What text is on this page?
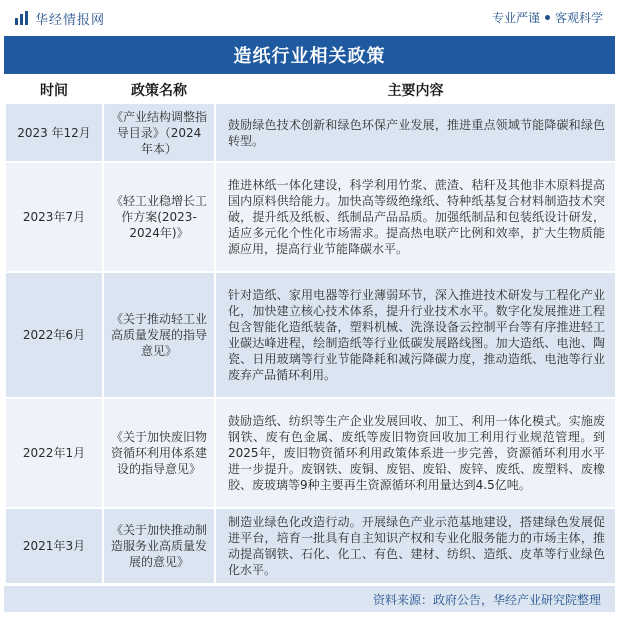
华经情报网	专业严谨 客观科学
造纸行业相关政策
时间	政策名称	主要内容
2023 年12月	《产业结构调整指导目录》（2024 年本）	鼓励绿色技术创新和绿色环保产业发展，推进重点领域节能降碳和绿色转型。
2023年7月	《轻工业稳增长工作方案(2023-2024年)》	推进林纸一体化建设，科学利用竹浆、蔗渣、秸秆及其他非木原料提高国内原料供给能力。加快高等级绝缘纸、特种纸基复合材料制造技术突破，提升纸及纸板、纸制品产品品质。加强纸制品和包装纸设计研发，适应多元化个性化市场需求。提高热电联产比例和效率，扩大生物质能源应用，提高行业节能降碳水平。
2022年6月	《关于推动轻工业高质量发展的指导意见》	针对造纸、家用电器等行业薄弱环节，深入推进技术研发与工程化产业化，加快建立核心技术体系，提升行业技术水平。数字化发展推进工程包含智能化造纸装备，塑料机械、洗涤设备云控制平台等有序推进轻工业碳达峰进程，绘制造纸等行业低碳发展路线图。加大造纸、电池、陶瓷、日用玻璃等行业节能降耗和减污降碳力度，推动造纸、电池等行业废弃产品循环利用。
2022年1月	《关于加快废旧物资循环利用体系建设的指导意见》	鼓励造纸、纺织等生产企业发展回收、加工、利用一体化模式。实施废钢铁、废有色金属、废纸等废旧物资回收加工利用行业规范管理。到2025年，废旧物资循环利用政策体系进一步完善，资源循环利用水平进一步提升。废钢铁、废铜、废铝、废铅、废锌、废纸、废塑料、废橡胶、废玻璃等9种主要再生资源循环利用量达到4.5亿吨。
2021年3月	《关于加快推动制造服务业高质量发展的意见》	制造业绿色化改造行动。开展绿色产业示范基地建设，搭建绿色发展促进平台，培育一批具有自主知识产权和专业化服务能力的市场主体，推动提高钢铁、石化、化工、有色、建材、纺织、造纸、皮革等行业绿色化水平。
资料来源：政府公告，华经产业研究院整理
